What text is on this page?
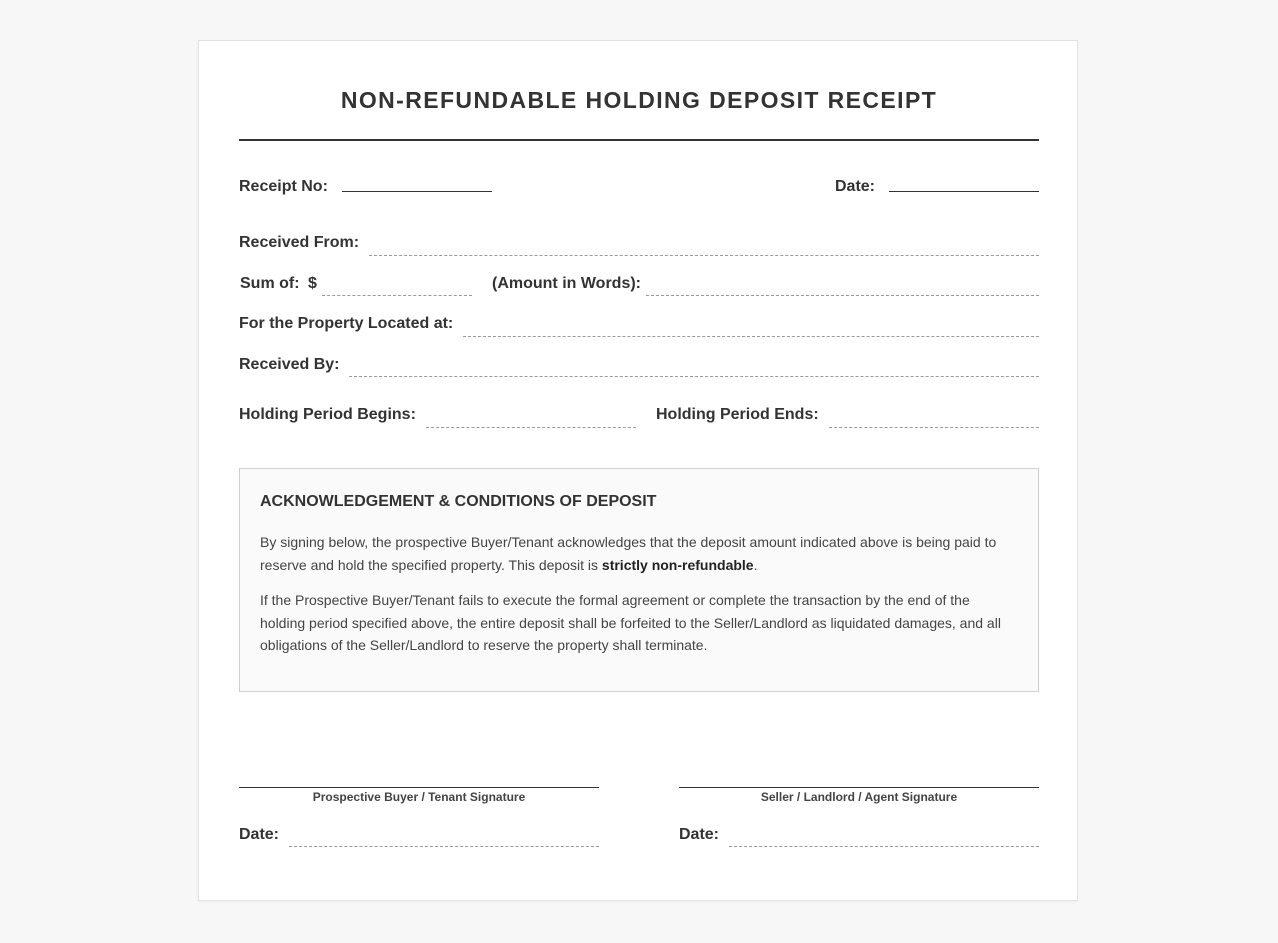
NON-REFUNDABLE HOLDING DEPOSIT RECEIPT
Receipt No:	Date:
Received From:
Sum of: $	(Amount in Words):
For the Property Located at:
Received By:
Holding Period Begins:	Holding Period Ends:
ACKNOWLEDGEMENT & CONDITIONS OF DEPOSIT

By signing below, the prospective Buyer/Tenant acknowledges that the deposit amount indicated above is being paid to reserve and hold the specified property. This deposit is strictly non-refundable.

If the Prospective Buyer/Tenant fails to execute the formal agreement or complete the transaction by the end of the holding period specified above, the entire deposit shall be forfeited to the Seller/Landlord as liquidated damages, and all obligations of the Seller/Landlord to reserve the property shall terminate.

Prospective Buyer / Tenant Signature	Seller / Landlord / Agent Signature
Date:	Date:
